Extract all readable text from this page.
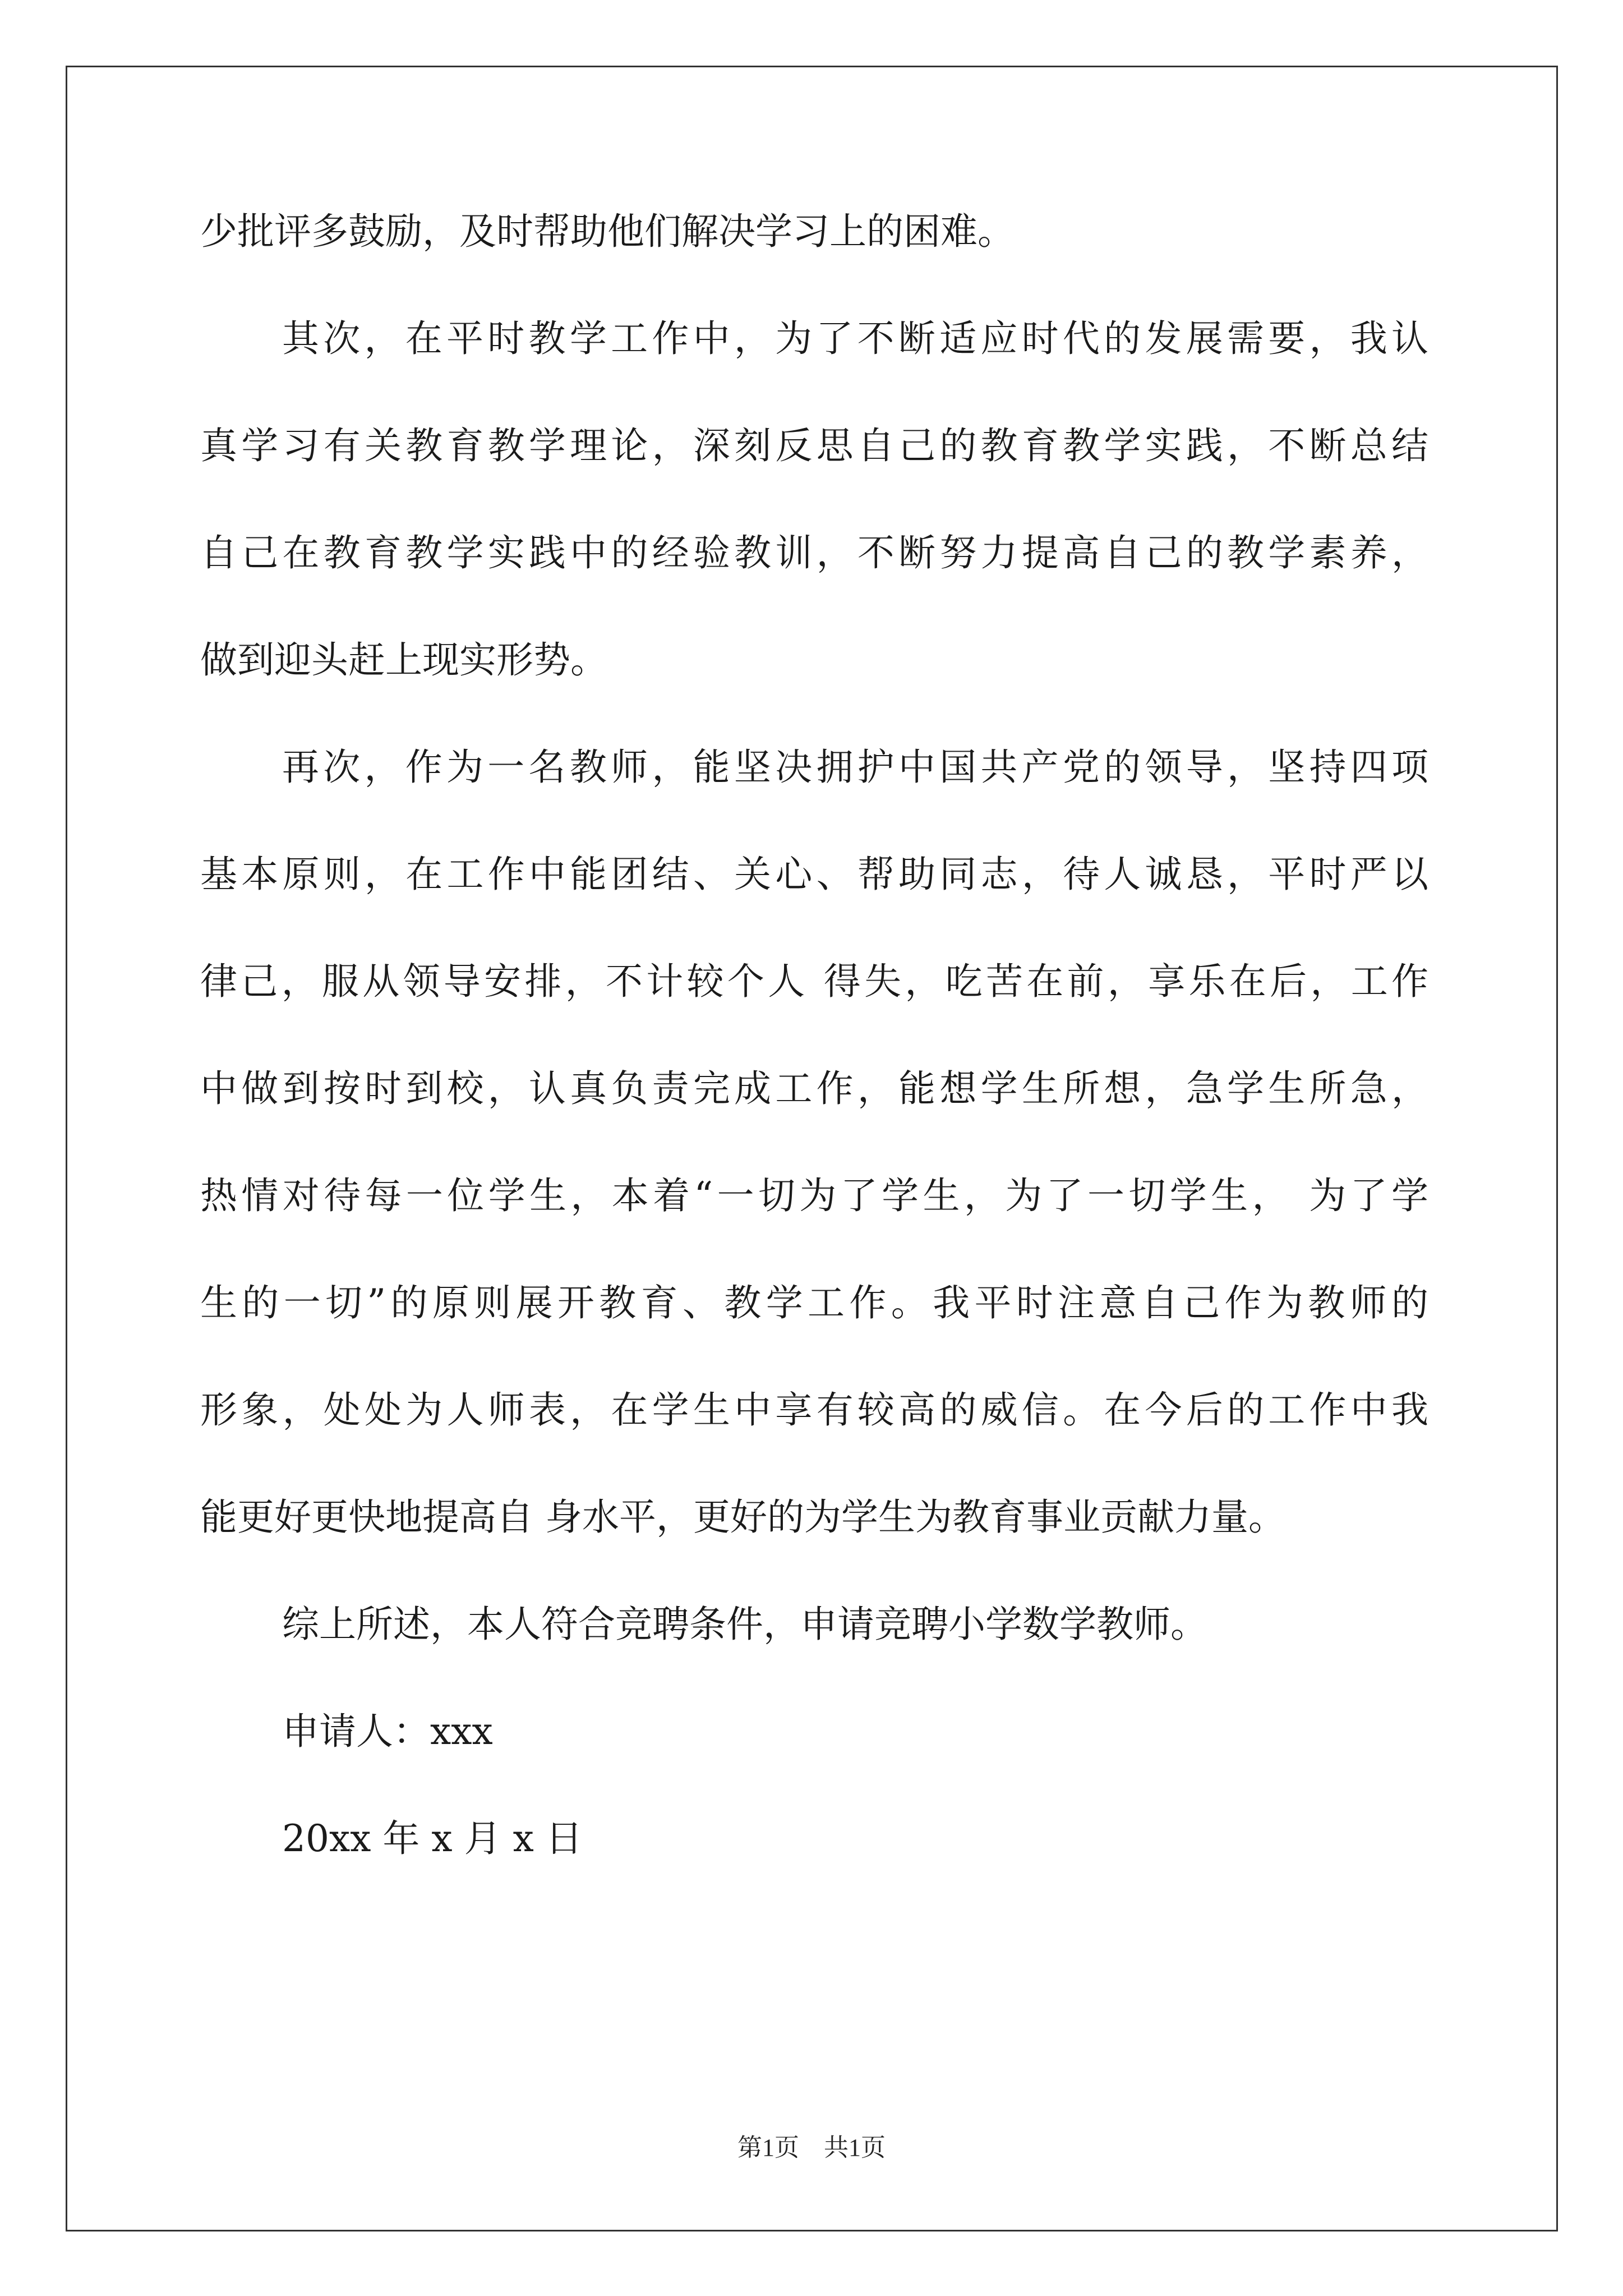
少批评多鼓励，及时帮助他们解决学习上的困难。
其次，在平时教学工作中，为了不断适应时代的发展需要，我认
真学习有关教育教学理论，深刻反思自己的教育教学实践，不断总结
自己在教育教学实践中的经验教训，不断努力提高自己的教学素养，
做到迎头赶上现实形势。
再次，作为一名教师，能坚决拥护中国共产党的领导，坚持四项
基本原则，在工作中能团结、关心、帮助同志，待人诚恳，平时严以
律己，服从领导安排，不计较个人 得失，吃苦在前，享乐在后，工作
中做到按时到校，认真负责完成工作，能想学生所想，急学生所急，
热情对待每一位学生，本着“一切为了学生，为了一切学生， 为了学
生的一切”的原则展开教育、教学工作。我平时注意自己作为教师的
形象，处处为人师表，在学生中享有较高的威信。在今后的工作中我
能更好更快地提高自 身水平，更好的为学生为教育事业贡献力量。
综上所述，本人符合竞聘条件，申请竞聘小学数学教师。
申请人：xxx
20xx 年 x 月 x 日
第1页　共1页
